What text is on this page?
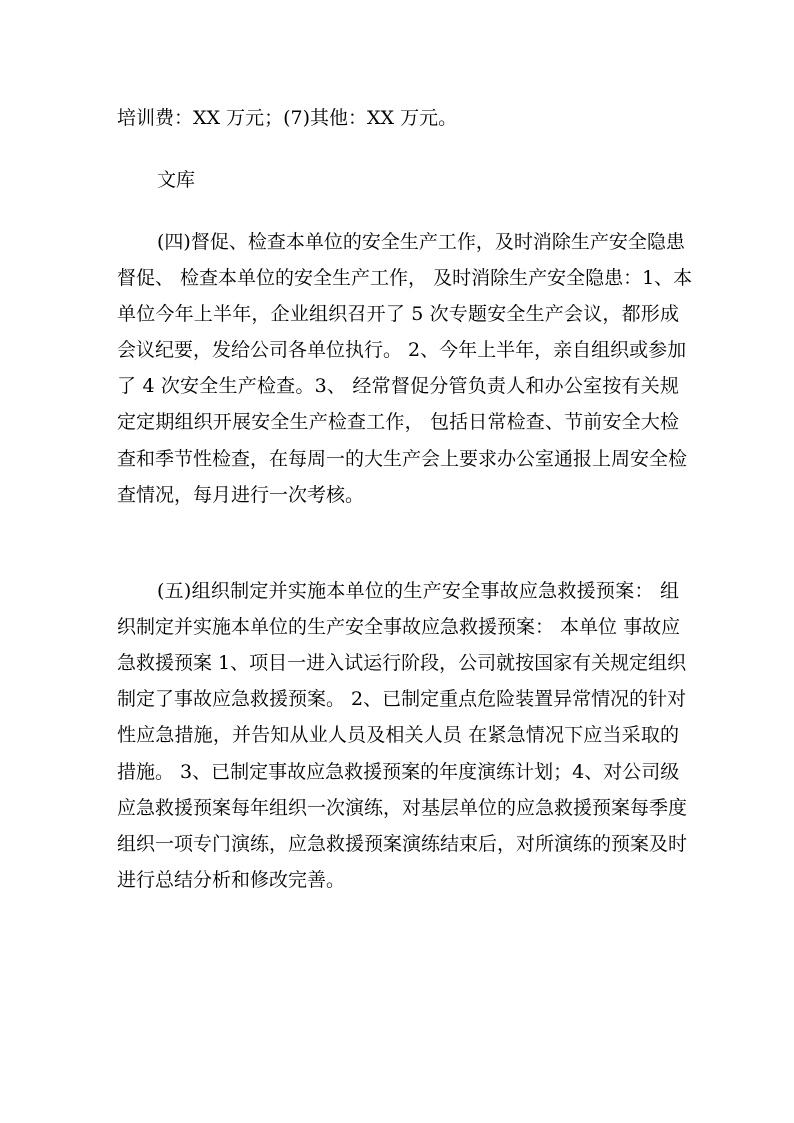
培训费：XX 万元；(7)其他：XX 万元。
文库
(四)督促、检查本单位的安全生产工作，及时消除生产安全隐患
督促、 检查本单位的安全生产工作， 及时消除生产安全隐患：1、本
单位今年上半年，企业组织召开了 5 次专题安全生产会议，都形成
会议纪要，发给公司各单位执行。 2、今年上半年，亲自组织或参加
了 4 次安全生产检查。3、 经常督促分管负责人和办公室按有关规
定定期组织开展安全生产检查工作， 包括日常检查、节前安全大检
查和季节性检查，在每周一的大生产会上要求办公室通报上周安全检
查情况，每月进行一次考核。
(五)组织制定并实施本单位的生产安全事故应急救援预案： 组
织制定并实施本单位的生产安全事故应急救援预案： 本单位 事故应
急救援预案 1、项目一进入试运行阶段，公司就按国家有关规定组织
制定了事故应急救援预案。 2、已制定重点危险装置异常情况的针对
性应急措施，并告知从业人员及相关人员 在紧急情况下应当采取的
措施。 3、已制定事故应急救援预案的年度演练计划；4、对公司级
应急救援预案每年组织一次演练，对基层单位的应急救援预案每季度
组织一项专门演练，应急救援预案演练结束后，对所演练的预案及时
进行总结分析和修改完善。
